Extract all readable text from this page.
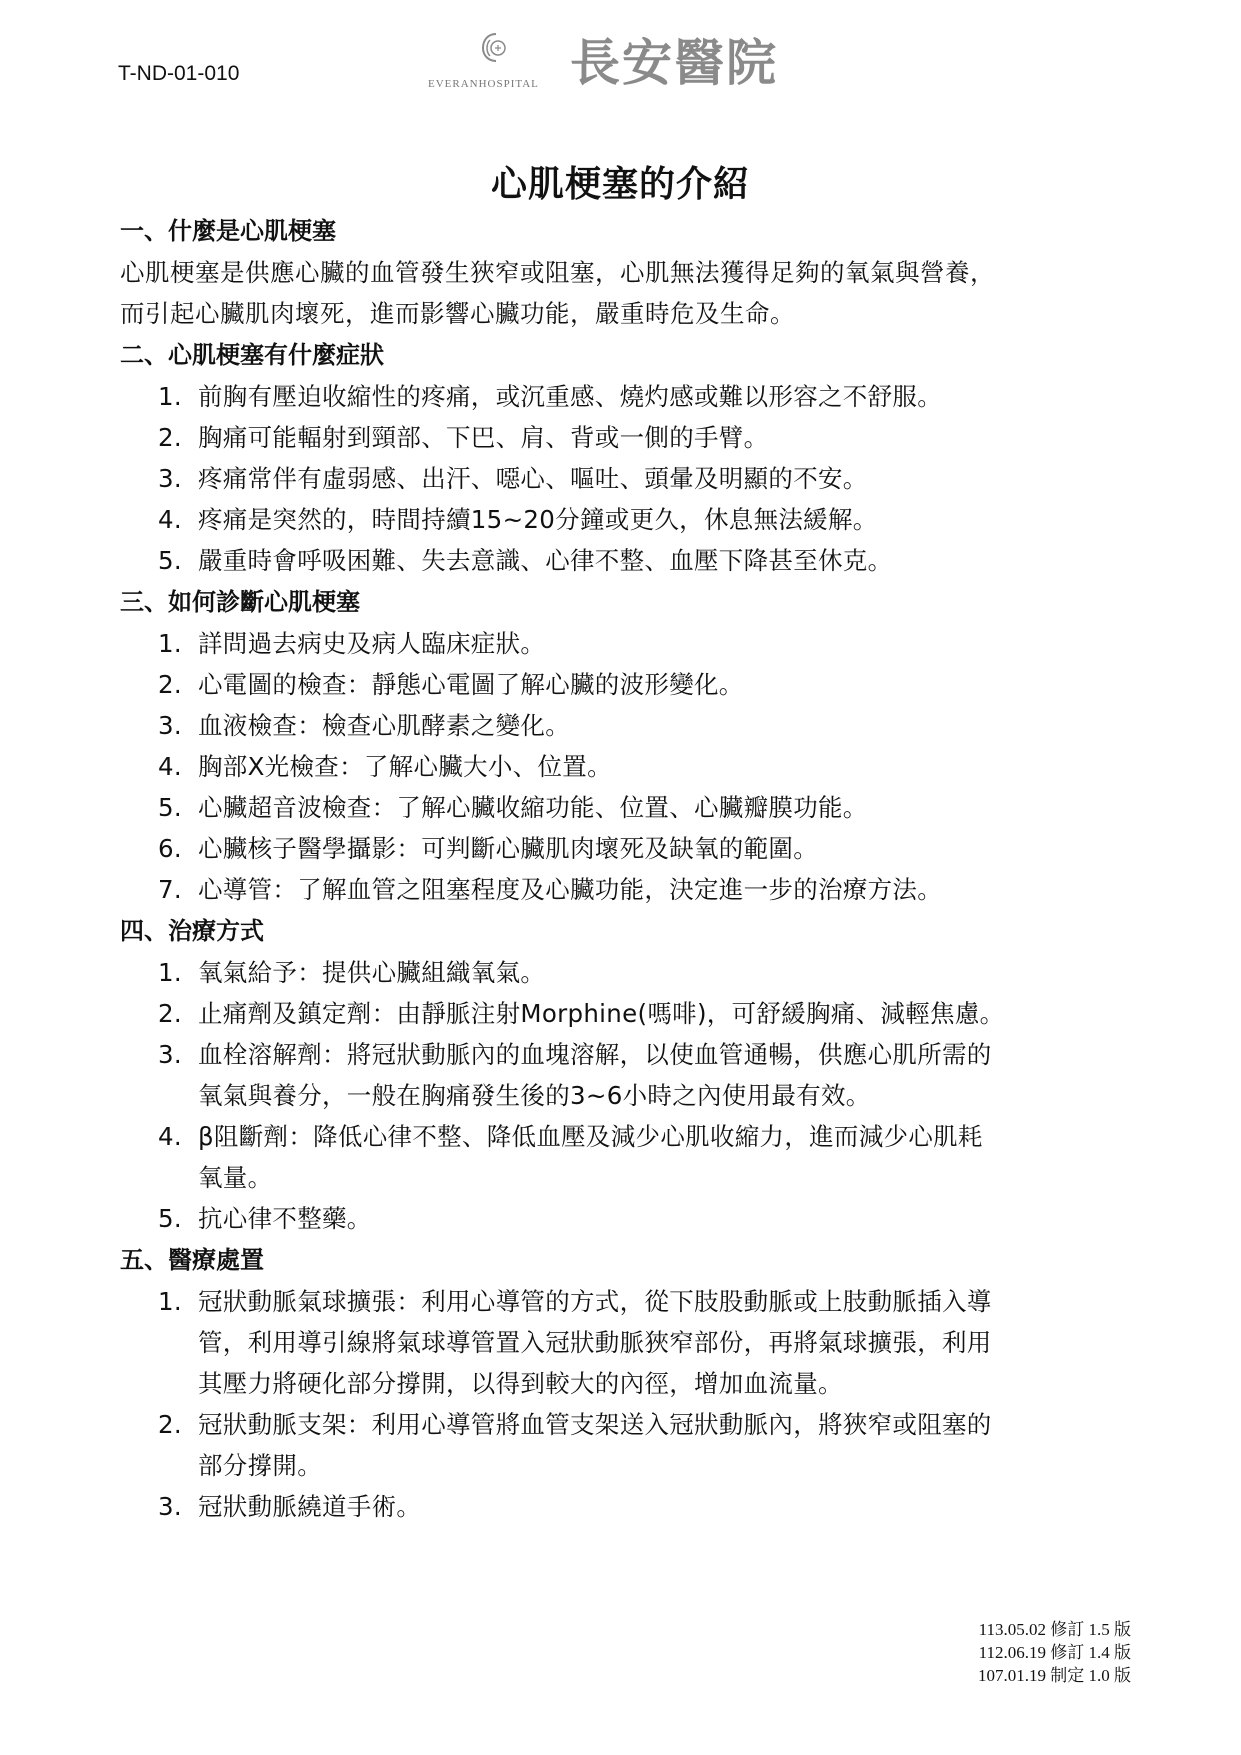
T-ND-01-010	EVERANHOSPITAL 長安醫院
心肌梗塞的介紹
一、什麼是心肌梗塞
心肌梗塞是供應心臟的血管發生狹窄或阻塞，心肌無法獲得足夠的氧氣與營養，
而引起心臟肌肉壞死，進而影響心臟功能，嚴重時危及生命。
二、心肌梗塞有什麼症狀
1. 前胸有壓迫收縮性的疼痛，或沉重感、燒灼感或難以形容之不舒服。
2. 胸痛可能輻射到頸部、下巴、肩、背或一側的手臂。
3. 疼痛常伴有虛弱感、出汗、噁心、嘔吐、頭暈及明顯的不安。
4. 疼痛是突然的，時間持續15~20分鐘或更久，休息無法緩解。
5. 嚴重時會呼吸困難、失去意識、心律不整、血壓下降甚至休克。
三、如何診斷心肌梗塞
1. 詳問過去病史及病人臨床症狀。
2. 心電圖的檢查：靜態心電圖了解心臟的波形變化。
3. 血液檢查：檢查心肌酵素之變化。
4. 胸部X光檢查：了解心臟大小、位置。
5. 心臟超音波檢查：了解心臟收縮功能、位置、心臟瓣膜功能。
6. 心臟核子醫學攝影：可判斷心臟肌肉壞死及缺氧的範圍。
7. 心導管：了解血管之阻塞程度及心臟功能，決定進一步的治療方法。
四、治療方式
1. 氧氣給予：提供心臟組織氧氣。
2. 止痛劑及鎮定劑：由靜脈注射Morphine(嗎啡)，可舒緩胸痛、減輕焦慮。
3. 血栓溶解劑：將冠狀動脈內的血塊溶解，以使血管通暢，供應心肌所需的
氧氣與養分，一般在胸痛發生後的3~6小時之內使用最有效。
4. β阻斷劑：降低心律不整、降低血壓及減少心肌收縮力，進而減少心肌耗
氧量。
5. 抗心律不整藥。
五、醫療處置
1. 冠狀動脈氣球擴張：利用心導管的方式，從下肢股動脈或上肢動脈插入導
管，利用導引線將氣球導管置入冠狀動脈狹窄部份，再將氣球擴張，利用
其壓力將硬化部分撐開，以得到較大的內徑，增加血流量。
2. 冠狀動脈支架：利用心導管將血管支架送入冠狀動脈內，將狹窄或阻塞的
部分撐開。
3. 冠狀動脈繞道手術。
113.05.02 修訂 1.5 版
112.06.19 修訂 1.4 版
107.01.19 制定 1.0 版
